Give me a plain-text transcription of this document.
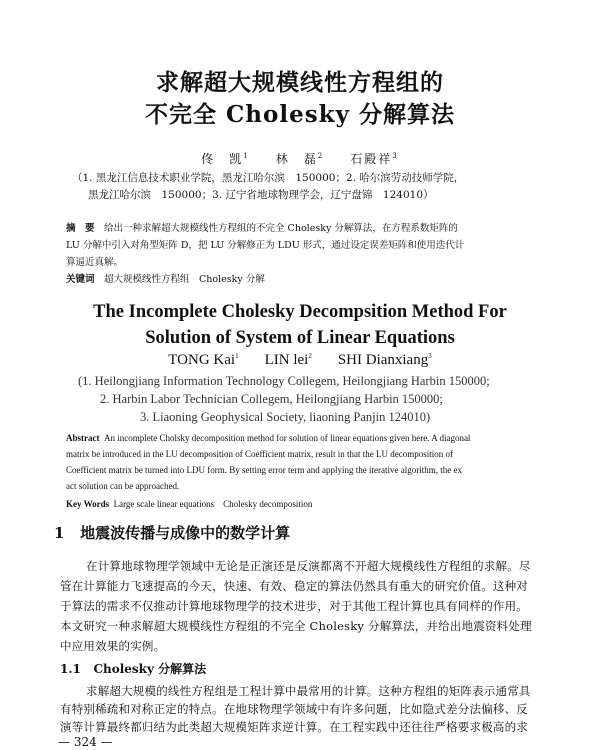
求解超大规模线性方程组的
不完全 Cholesky 分解算法
佟　凯$^1$ 林　磊$^2$ 石殿祥$^3$
（1. 黑龙江信息技术职业学院，黑龙江哈尔滨　150000；2. 哈尔滨劳动技师学院，
黑龙江哈尔滨　150000；3. 辽宁省地球物理学会，辽宁盘锦　124010）
摘　要　 给出一种求解超大规模线性方程组的不完全 Cholesky 分解算法，在方程系数矩阵的
LU 分解中引入对角型矩阵 D，把 LU 分解修正为 LDU 形式，通过设定误差矩阵和使用迭代计
算逼近真解。
关键词　 超大规模线性方程组　Cholesky 分解
The Incomplete Cholesky Decompsition Method For
Solution of System of Linear Equations
TONG Kai$^1$ LIN lei$^2$ SHI Dianxiang$^3$
(1. Heilongjiang Information Technology Collegem, Heilongjiang Harbin 150000;
2. Harbin Labor Technician Collegem, Heilongjiang Harbin 150000;
3. Liaoning Geophysical Society, liaoning Panjin 124010)
Abstract An incomplete Cholsky decomposition method for solution of linear equations given here. A diagonal
matrix be introduced in the LU decomposition of Coefficient matrix, result in that the LU decomposition of
Coefficient matrix be turned into LDU form. By setting error term and applying the iterative algorithm, the ex
act solution can be approached.
Key Words Large scale linear equations　Cholesky decomposition
1 地震波传播与成像中的数学计算
在计算地球物理学领域中无论是正演还是反演都离不开超大规模线性方程组的求解。尽
管在计算能力飞速提高的今天，快速、有效、稳定的算法仍然具有重大的研究价值。这种对
于算法的需求不仅推动计算地球物理学的技术进步，对于其他工程计算也具有同样的作用。
本文研究一种求解超大规模线性方程组的不完全 Cholesky 分解算法，并给出地震资料处理
中应用效果的实例。
1.1 Cholesky 分解算法
求解超大规模的线性方程组是工程计算中最常用的计算。这种方程组的矩阵表示通常具
有特别稀疏和对称正定的特点。在地球物理学领域中有许多问题，比如隐式差分法偏移、反
演等计算最终都归结为此类超大规模矩阵求逆计算。在工程实践中还往往严格要求极高的求
— 324 —
